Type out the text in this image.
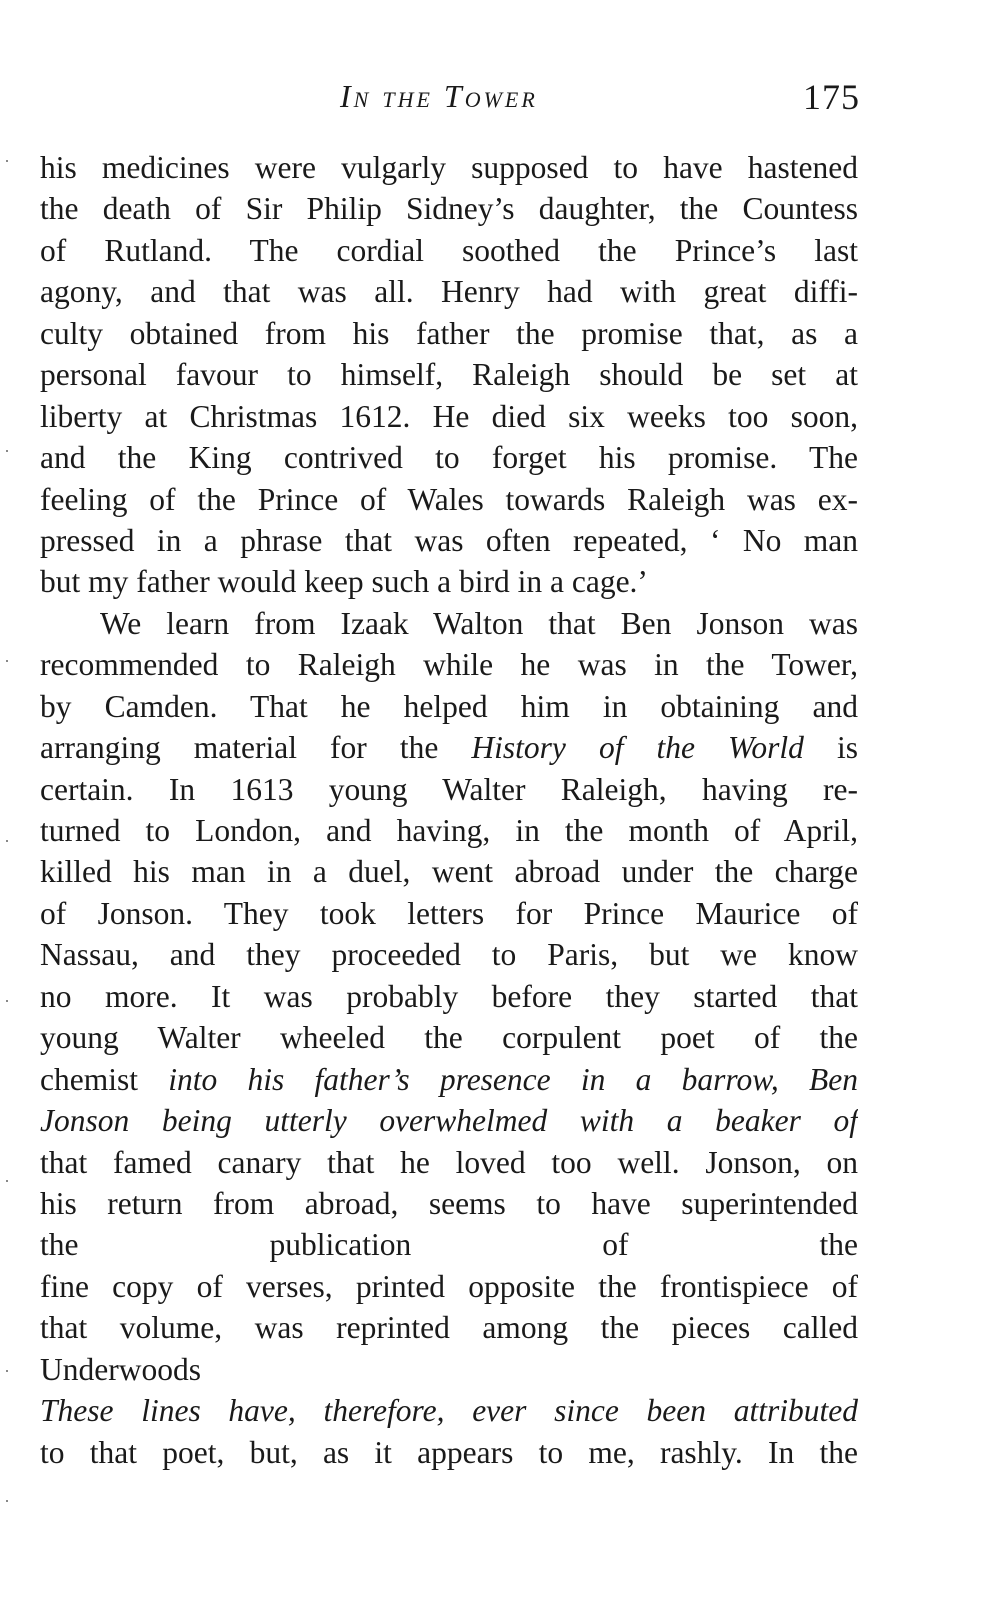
In the Tower	175
his medicines were vulgarly supposed to have hastened
the death of Sir Philip Sidney’s daughter, the Countess
of Rutland. The cordial soothed the Prince’s last
agony, and that was all. Henry had with great diffi-
culty obtained from his father the promise that, as a
personal favour to himself, Raleigh should be set at
liberty at Christmas 1612. He died six weeks too soon,
and the King contrived to forget his promise. The
feeling of the Prince of Wales towards Raleigh was ex-
pressed in a phrase that was often repeated, ‘ No man
but my father would keep such a bird in a cage.’
We learn from Izaak Walton that Ben Jonson was
recommended to Raleigh while he was in the Tower,
by Camden. That he helped him in obtaining and
arranging material for the History of the World is
certain. In 1613 young Walter Raleigh, having re-
turned to London, and having, in the month of April,
killed his man in a duel, went abroad under the charge
of Jonson. They took letters for Prince Maurice of
Nassau, and they proceeded to Paris, but we know
no more. It was probably before they started that
young Walter wheeled the corpulent poet of the
chemist into his father’s presence in a barrow, Ben
Jonson being utterly overwhelmed with a beaker of
that famed canary that he loved too well. Jonson, on
his return from abroad, seems to have superintended
the publication of the
fine copy of verses, printed opposite the frontispiece of
that volume, was reprinted among the pieces called
Underwoods
These lines have, therefore, ever since been attributed
to that poet, but, as it appears to me, rashly. In the
